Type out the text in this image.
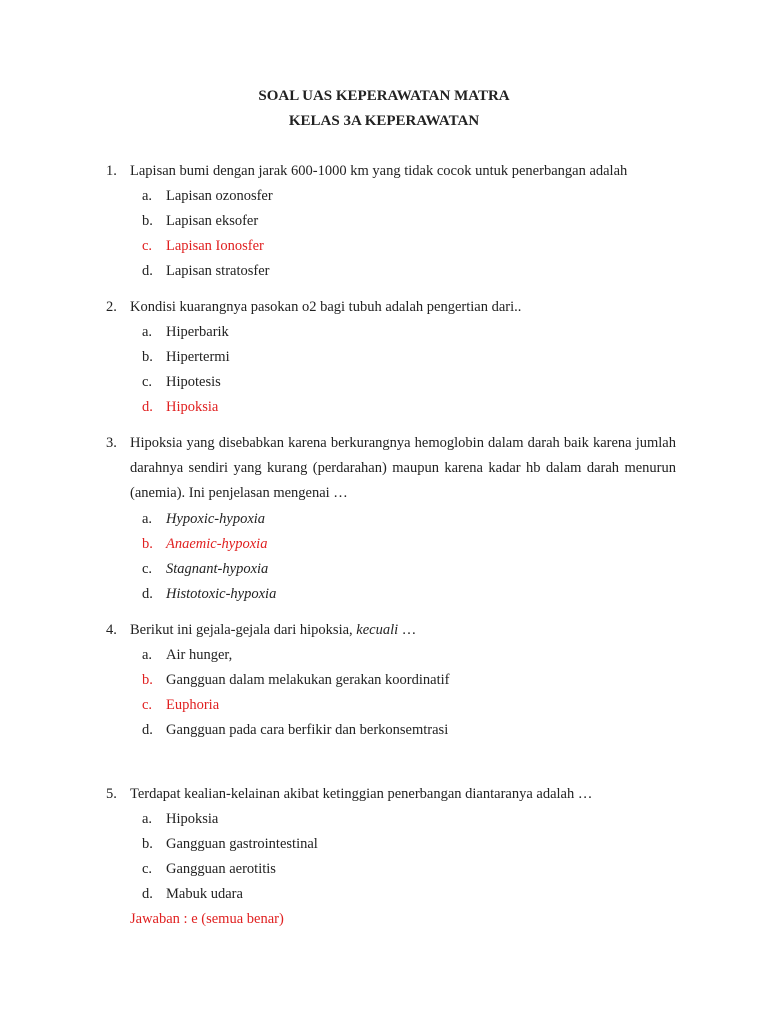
SOAL UAS KEPERAWATAN MATRA
KELAS 3A KEPERAWATAN
1. Lapisan bumi dengan jarak 600-1000 km yang tidak cocok untuk penerbangan adalah
a. Lapisan ozonosfer
b. Lapisan eksofer
c. Lapisan Ionosfer
d. Lapisan stratosfer
2. Kondisi kuarangnya pasokan o2 bagi tubuh adalah pengertian dari..
a. Hiperbarik
b. Hipertermi
c. Hipotesis
d. Hipoksia
3. Hipoksia yang disebabkan karena berkurangnya hemoglobin dalam darah baik karena jumlah darahnya sendiri yang kurang (perdarahan) maupun karena kadar hb dalam darah menurun (anemia). Ini penjelasan mengenai …
a. Hypoxic-hypoxia
b. Anaemic-hypoxia
c. Stagnant-hypoxia
d. Histotoxic-hypoxia
4. Berikut ini gejala-gejala dari hipoksia, kecuali …
a. Air hunger,
b. Gangguan dalam melakukan gerakan koordinatif
c. Euphoria
d. Gangguan pada cara berfikir dan berkonsemtrasi
5. Terdapat kealian-kelainan akibat ketinggian penerbangan diantaranya adalah …
a. Hipoksia
b. Gangguan gastrointestinal
c. Gangguan aerotitis
d. Mabuk udara
Jawaban : e (semua benar)
